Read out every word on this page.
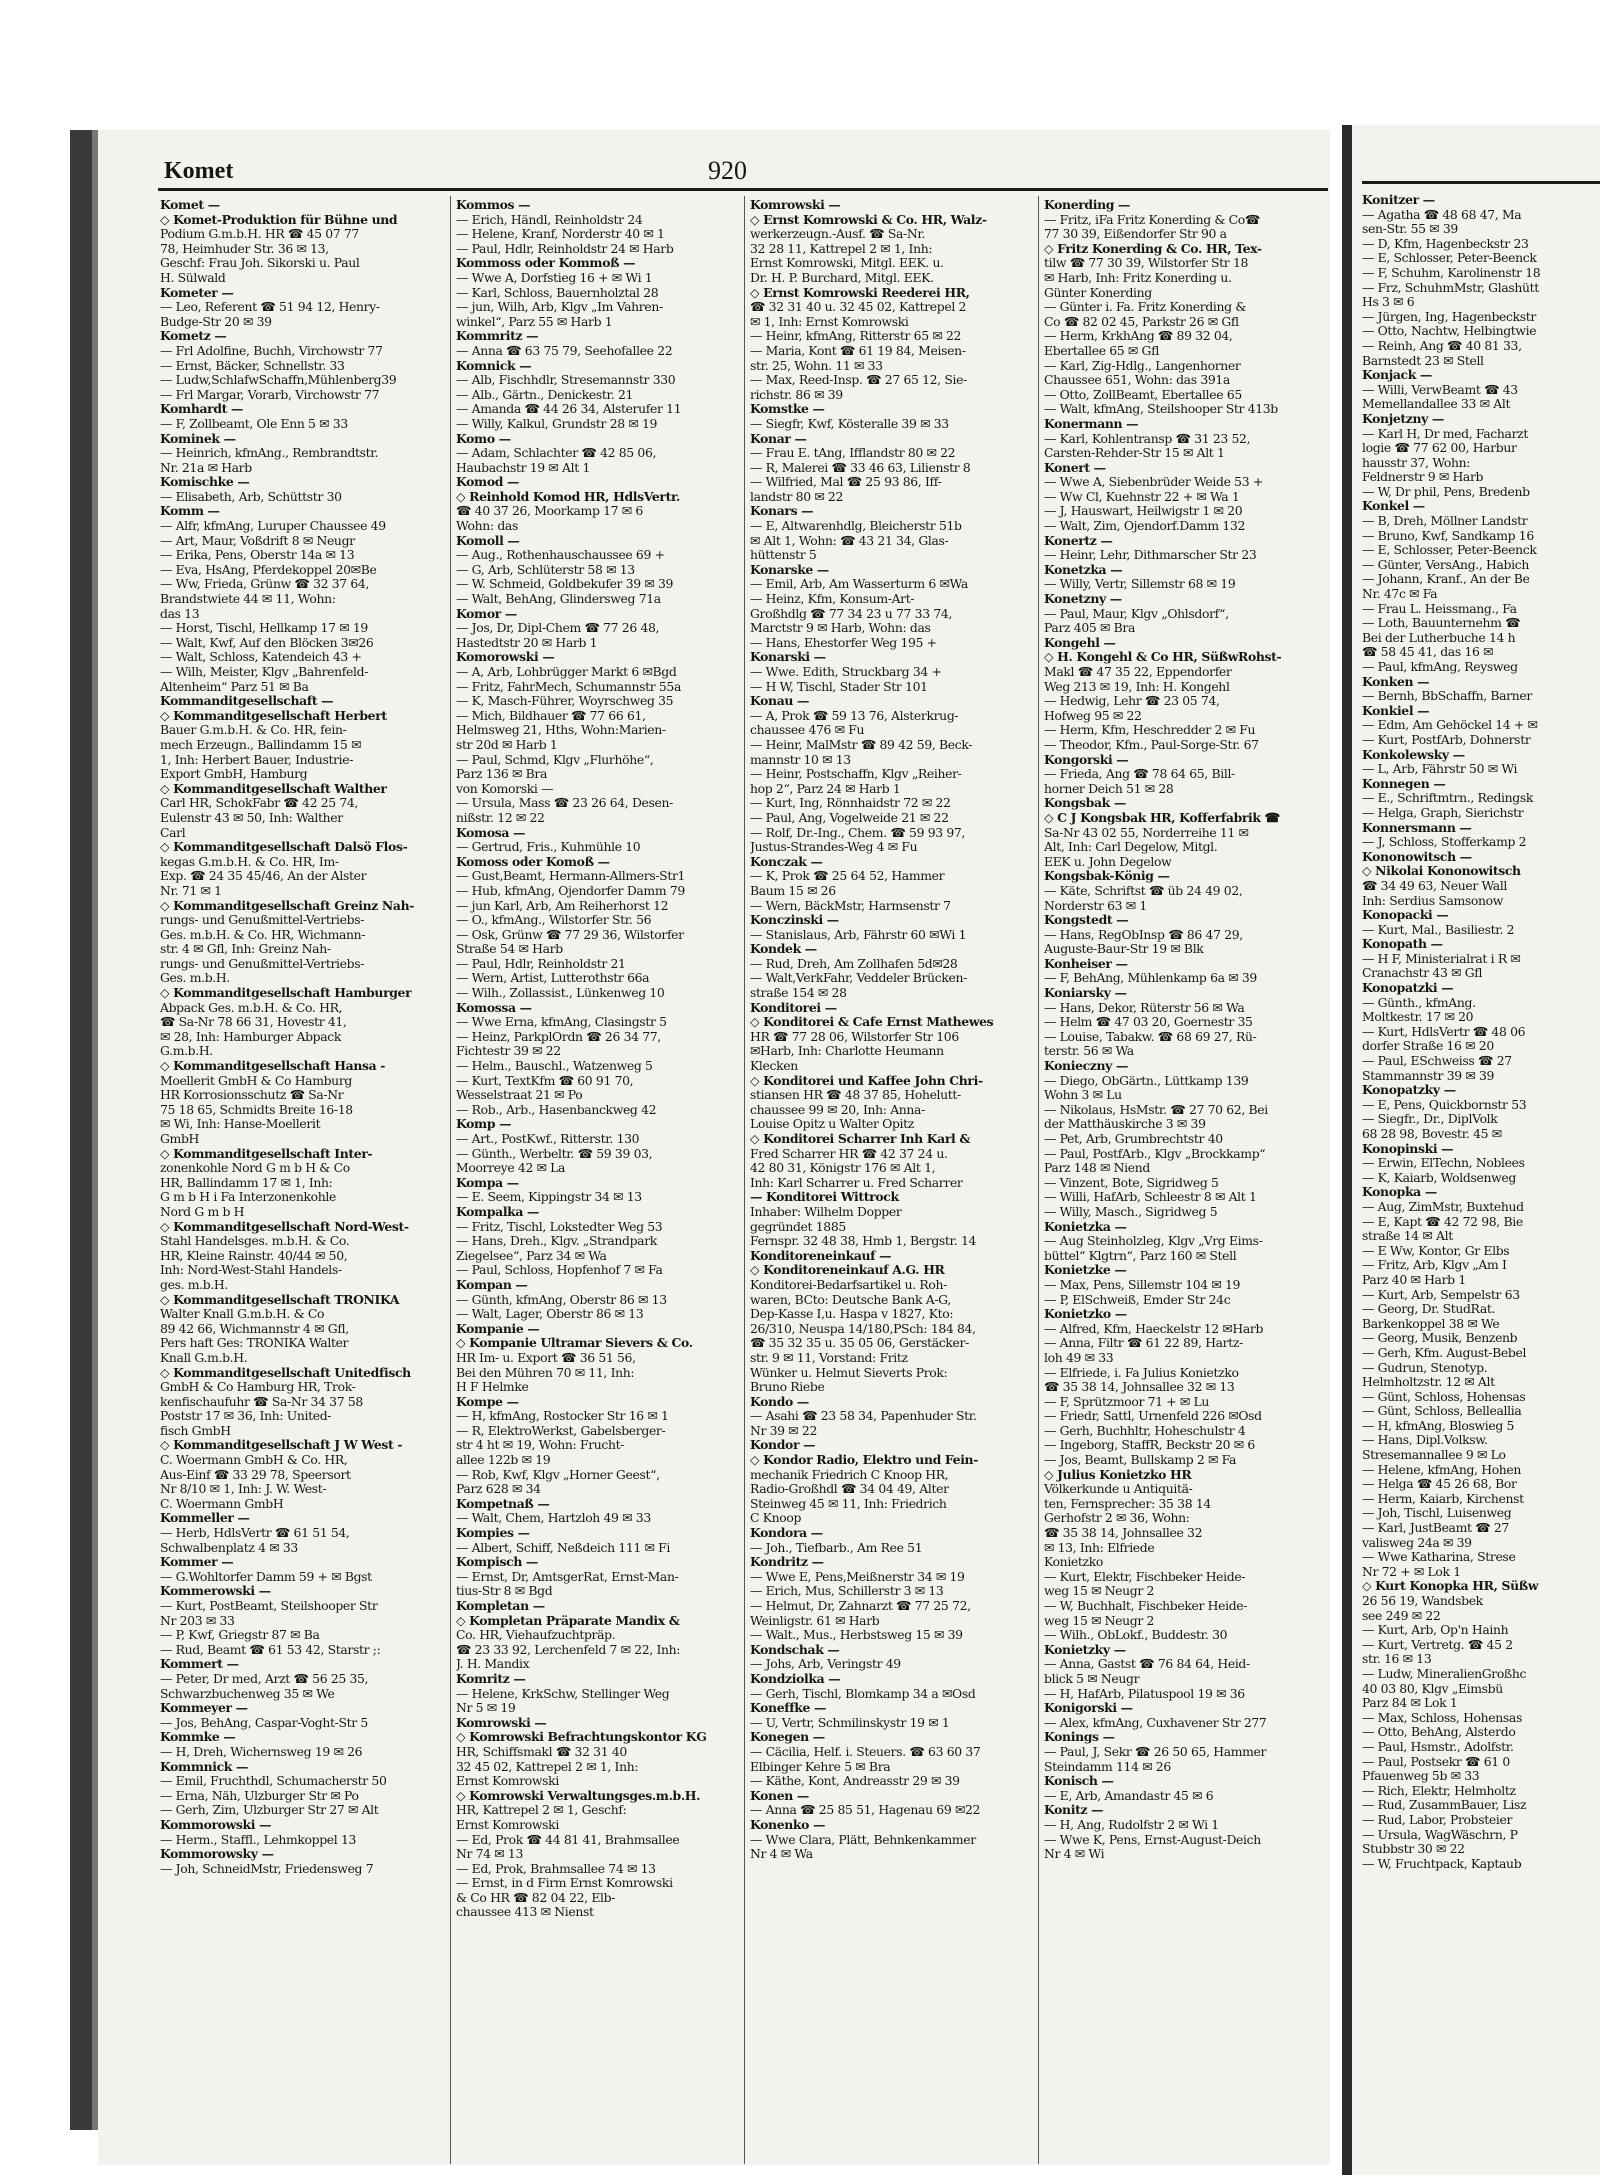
Komet	920
Komet —
◇ Komet-Produktion für Bühne und
Podium G.m.b.H. HR ☎ 45 07 77
78, Heimhuder Str. 36 ✉ 13,
Geschf: Frau Joh. Sikorski u. Paul
H. Sülwald
Kometer —
— Leo, Referent ☎ 51 94 12, Henry-
Budge-Str 20 ✉ 39
Kometz —
— Frl Adolfine, Buchh, Virchowstr 77
— Ernst, Bäcker, Schnellstr. 33
— Ludw,SchlafwSchaffn,Mühlenberg39
— Frl Margar, Vorarb, Virchowstr 77
Komhardt —
— F, Zollbeamt, Ole Enn 5 ✉ 33
Kominek —
— Heinrich, kfmAng., Rembrandtstr.
Nr. 21a ✉ Harb
Komischke —
— Elisabeth, Arb, Schüttstr 30
Komm —
— Alfr, kfmAng, Luruper Chaussee 49
— Art, Maur, Voßdrift 8 ✉ Neugr
— Erika, Pens, Oberstr 14a ✉ 13
— Eva, HsAng, Pferdekoppel 20✉Be
— Ww, Frieda, Grünw ☎ 32 37 64,
Brandstwiete 44 ✉ 11, Wohn:
das 13
— Horst, Tischl, Hellkamp 17 ✉ 19
— Walt, Kwf, Auf den Blöcken 3✉26
— Walt, Schloss, Katendeich 43 +
— Wilh, Meister, Klgv „Bahrenfeld-
Altenheim“ Parz 51 ✉ Ba
Kommanditgesellschaft —
◇ Kommanditgesellschaft Herbert
Bauer G.m.b.H. & Co. HR, fein-
mech Erzeugn., Ballindamm 15 ✉
1, Inh: Herbert Bauer, Industrie-
Export GmbH, Hamburg
◇ Kommanditgesellschaft Walther
Carl HR, SchokFabr ☎ 42 25 74,
Eulenstr 43 ✉ 50, Inh: Walther
Carl
◇ Kommanditgesellschaft Dalsö Flos-
kegas G.m.b.H. & Co. HR, Im-
Exp. ☎ 24 35 45/46, An der Alster
Nr. 71 ✉ 1
◇ Kommanditgesellschaft Greinz Nah-
rungs- und Genußmittel-Vertriebs-
Ges. m.b.H. & Co. HR, Wichmann-
str. 4 ✉ Gfl, Inh: Greinz Nah-
rungs- und Genußmittel-Vertriebs-
Ges. m.b.H.
◇ Kommanditgesellschaft Hamburger
Abpack Ges. m.b.H. & Co. HR,
☎ Sa-Nr 78 66 31, Hovestr 41,
✉ 28, Inh: Hamburger Abpack
G.m.b.H.
◇ Kommanditgesellschaft Hansa -
Moellerit GmbH & Co Hamburg
HR Korrosionsschutz ☎ Sa-Nr
75 18 65, Schmidts Breite 16-18
✉ Wi, Inh: Hanse-Moellerit
GmbH
◇ Kommanditgesellschaft Inter-
zonenkohle Nord G m b H & Co
HR, Ballindamm 17 ✉ 1, Inh:
G m b H i Fa Interzonenkohle
Nord G m b H
◇ Kommanditgesellschaft Nord-West-
Stahl Handelsges. m.b.H. & Co.
HR, Kleine Rainstr. 40/44 ✉ 50,
Inh: Nord-West-Stahl Handels-
ges. m.b.H.
◇ Kommanditgesellschaft TRONIKA
Walter Knall G.m.b.H. & Co
89 42 66, Wichmannstr 4 ✉ Gfl,
Pers haft Ges: TRONIKA Walter
Knall G.m.b.H.
◇ Kommanditgesellschaft Unitedfisch
GmbH & Co Hamburg HR, Trok-
kenfischaufuhr ☎ Sa-Nr 34 37 58
Poststr 17 ✉ 36, Inh: United-
fisch GmbH
◇ Kommanditgesellschaft J W West -
C. Woermann GmbH & Co. HR,
Aus-Einf ☎ 33 29 78, Speersort
Nr 8/10 ✉ 1, Inh: J. W. West-
C. Woermann GmbH
Kommeller —
— Herb, HdlsVertr ☎ 61 51 54,
Schwalbenplatz 4 ✉ 33
Kommer —
— G.Wohltorfer Damm 59 + ✉ Bgst
Kommerowski —
— Kurt, PostBeamt, Steilshooper Str
Nr 203 ✉ 33
— P, Kwf, Griegstr 87 ✉ Ba
— Rud, Beamt ☎ 61 53 42, Starstr ;:
Kommert —
— Peter, Dr med, Arzt ☎ 56 25 35,
Schwarzbuchenweg 35 ✉ We
Kommeyer —
— Jos, BehAng, Caspar-Voght-Str 5
Kommke —
— H, Dreh, Wichernsweg 19 ✉ 26
Kommnick —
— Emil, Fruchthdl, Schumacherstr 50
— Erna, Näh, Ulzburger Str ✉ Po
— Gerh, Zim, Ulzburger Str 27 ✉ Alt
Kommorowski —
— Herm., Staffl., Lehmkoppel 13
Kommorowsky —
— Joh, SchneidMstr, Friedensweg 7
Kommos —
— Erich, Händl, Reinholdstr 24
— Helene, Kranf, Norderstr 40 ✉ 1
— Paul, Hdlr, Reinholdstr 24 ✉ Harb
Kommoss oder Kommoß —
— Wwe A, Dorfstieg 16 + ✉ Wi 1
— Karl, Schloss, Bauernholztal 28
— jun, Wilh, Arb, Klgv „Im Vahren-
winkel“, Parz 55 ✉ Harb 1
Kommritz —
— Anna ☎ 63 75 79, Seehofallee 22
Komnick —
— Alb, Fischhdlr, Stresemannstr 330
— Alb., Gärtn., Denickestr. 21
— Amanda ☎ 44 26 34, Alsterufer 11
— Willy, Kalkul, Grundstr 28 ✉ 19
Komo —
— Adam, Schlachter ☎ 42 85 06,
Haubachstr 19 ✉ Alt 1
Komod —
◇ Reinhold Komod HR, HdlsVertr.
☎ 40 37 26, Moorkamp 17 ✉ 6
Wohn: das
Komoll —
— Aug., Rothenhauschaussee 69 +
— G, Arb, Schlüterstr 58 ✉ 13
— W. Schmeid, Goldbekufer 39 ✉ 39
— Walt, BehAng, Glindersweg 71a
Komor —
— Jos, Dr, Dipl-Chem ☎ 77 26 48,
Hastedtstr 20 ✉ Harb 1
Komorowski —
— A, Arb, Lohbrügger Markt 6 ✉Bgd
— Fritz, FahrMech, Schumannstr 55a
— K, Masch-Führer, Woyrschweg 35
— Mich, Bildhauer ☎ 77 66 61,
Helmsweg 21, Hths, Wohn:Marien-
str 20d ✉ Harb 1
— Paul, Schmd, Klgv „Flurhöhe“,
Parz 136 ✉ Bra
von Komorski —
— Ursula, Mass ☎ 23 26 64, Desen-
nißstr. 12 ✉ 22
Komosa —
— Gertrud, Fris., Kuhmühle 10
Komoss oder Komoß —
— Gust,Beamt, Hermann-Allmers-Str1
— Hub, kfmAng, Ojendorfer Damm 79
— jun Karl, Arb, Am Reiherhorst 12
— O., kfmAng., Wilstorfer Str. 56
— Osk, Grünw ☎ 77 29 36, Wilstorfer
Straße 54 ✉ Harb
— Paul, Hdlr, Reinholdstr 21
— Wern, Artist, Lutterothstr 66a
— Wilh., Zollassist., Lünkenweg 10
Komossa —
— Wwe Erna, kfmAng, Clasingstr 5
— Heinz, ParkplOrdn ☎ 26 34 77,
Fichtestr 39 ✉ 22
— Helm., Bauschl., Watzenweg 5
— Kurt, TextKfm ☎ 60 91 70,
Wesselstraat 21 ✉ Po
— Rob., Arb., Hasenbanckweg 42
Komp —
— Art., PostKwf., Ritterstr. 130
— Günth., Werbeltr. ☎ 59 39 03,
Moorreye 42 ✉ La
Kompa —
— E. Seem, Kippingstr 34 ✉ 13
Kompalka —
— Fritz, Tischl, Lokstedter Weg 53
— Hans, Dreh., Klgv. „Strandpark
Ziegelsee“, Parz 34 ✉ Wa
— Paul, Schloss, Hopfenhof 7 ✉ Fa
Kompan —
— Günth, kfmAng, Oberstr 86 ✉ 13
— Walt, Lager, Oberstr 86 ✉ 13
Kompanie —
◇ Kompanie Ultramar Sievers & Co.
HR Im- u. Export ☎ 36 51 56,
Bei den Mühren 70 ✉ 11, Inh:
H F Helmke
Kompe —
— H, kfmAng, Rostocker Str 16 ✉ 1
— R, ElektroWerkst, Gabelsberger-
str 4 ht ✉ 19, Wohn: Frucht-
allee 122b ✉ 19
— Rob, Kwf, Klgv „Horner Geest“,
Parz 628 ✉ 34
Kompetnaß —
— Walt, Chem, Hartzloh 49 ✉ 33
Kompies —
— Albert, Schiff, Neßdeich 111 ✉ Fi
Kompisch —
— Ernst, Dr, AmtsgerRat, Ernst-Man-
tius-Str 8 ✉ Bgd
Kompletan —
◇ Kompletan Präparate Mandix &
Co. HR, Viehaufzuchtpräp.
☎ 23 33 92, Lerchenfeld 7 ✉ 22, Inh:
J. H. Mandix
Komritz —
— Helene, KrkSchw, Stellinger Weg
Nr 5 ✉ 19
Komrowski —
◇ Komrowski Befrachtungskontor KG
HR, Schiffsmakl ☎ 32 31 40
32 45 02, Kattrepel 2 ✉ 1, Inh:
Ernst Komrowski
◇ Komrowski Verwaltungsges.m.b.H.
HR, Kattrepel 2 ✉ 1, Geschf:
Ernst Komrowski
— Ed, Prok ☎ 44 81 41, Brahmsallee
Nr 74 ✉ 13
— Ed, Prok, Brahmsallee 74 ✉ 13
— Ernst, in d Firm Ernst Komrowski
& Co HR ☎ 82 04 22, Elb-
chaussee 413 ✉ Nienst
Komrowski —
◇ Ernst Komrowski & Co. HR, Walz-
werkerzeugn.-Ausf. ☎ Sa-Nr.
32 28 11, Kattrepel 2 ✉ 1, Inh:
Ernst Komrowski, Mitgl. EEK. u.
Dr. H. P. Burchard, Mitgl. EEK.
◇ Ernst Komrowski Reederei HR,
☎ 32 31 40 u. 32 45 02, Kattrepel 2
✉ 1, Inh: Ernst Komrowski
— Heinr, kfmAng, Ritterstr 65 ✉ 22
— Maria, Kont ☎ 61 19 84, Meisen-
str. 25, Wohn. 11 ✉ 33
— Max, Reed-Insp. ☎ 27 65 12, Sie-
richstr. 86 ✉ 39
Komstke —
— Siegfr, Kwf, Kösteralle 39 ✉ 33
Konar —
— Frau E. tAng, Ifflandstr 80 ✉ 22
— R, Malerei ☎ 33 46 63, Lilienstr 8
— Wilfried, Mal ☎ 25 93 86, Iff-
landstr 80 ✉ 22
Konars —
— E, Altwarenhdlg, Bleicherstr 51b
✉ Alt 1, Wohn: ☎ 43 21 34, Glas-
hüttenstr 5
Konarske —
— Emil, Arb, Am Wasserturm 6 ✉Wa
— Heinz, Kfm, Konsum-Art-
Großhdlg ☎ 77 34 23 u 77 33 74,
Marctstr 9 ✉ Harb, Wohn: das
— Hans, Ehestorfer Weg 195 +
Konarski —
— Wwe. Edith, Struckbarg 34 +
— H W, Tischl, Stader Str 101
Konau —
— A, Prok ☎ 59 13 76, Alsterkrug-
chaussee 476 ✉ Fu
— Heinr, MalMstr ☎ 89 42 59, Beck-
mannstr 10 ✉ 13
— Heinr, Postschaffn, Klgv „Reiher-
hop 2“, Parz 24 ✉ Harb 1
— Kurt, Ing, Rönnhaidstr 72 ✉ 22
— Paul, Ang, Vogelweide 21 ✉ 22
— Rolf, Dr.-Ing., Chem. ☎ 59 93 97,
Justus-Strandes-Weg 4 ✉ Fu
Konczak —
— K, Prok ☎ 25 64 52, Hammer
Baum 15 ✉ 26
— Wern, BäckMstr, Harmsenstr 7
Konczinski —
— Stanislaus, Arb, Fährstr 60 ✉Wi 1
Kondek —
— Rud, Dreh, Am Zollhafen 5d✉28
— Walt,VerkFahr, Veddeler Brücken-
straße 154 ✉ 28
Konditorei —
◇ Konditorei & Cafe Ernst Mathewes
HR ☎ 77 28 06, Wilstorfer Str 106
✉Harb, Inh: Charlotte Heumann
Klecken
◇ Konditorei und Kaffee John Chri-
stiansen HR ☎ 48 37 85, Hohelutt-
chaussee 99 ✉ 20, Inh: Anna-
Louise Opitz u Walter Opitz
◇ Konditorei Scharrer Inh Karl &
Fred Scharrer HR ☎ 42 37 24 u.
42 80 31, Königstr 176 ✉ Alt 1,
Inh: Karl Scharrer u. Fred Scharrer
— Konditorei Wittrock
Inhaber: Wilhelm Dopper
gegründet 1885
Fernspr. 32 48 38, Hmb 1, Bergstr. 14
Konditoreneinkauf —
◇ Konditoreneinkauf A.G. HR
Konditorei-Bedarfsartikel u. Roh-
waren, BCto: Deutsche Bank A-G,
Dep-Kasse I,u. Haspa v 1827, Kto:
26/310, Neuspa 14/180,PSch: 184 84,
☎ 35 32 35 u. 35 05 06, Gerstäcker-
str. 9 ✉ 11, Vorstand: Fritz
Wünker u. Helmut Sieverts Prok:
Bruno Riebe
Kondo —
— Asahi ☎ 23 58 34, Papenhuder Str.
Nr 39 ✉ 22
Kondor —
◇ Kondor Radio, Elektro und Fein-
mechanik Friedrich C Knoop HR,
Radio-Großhdl ☎ 34 04 49, Alter
Steinweg 45 ✉ 11, Inh: Friedrich
C Knoop
Kondora —
— Joh., Tiefbarb., Am Ree 51
Kondritz —
— Wwe E, Pens,Meißnerstr 34 ✉ 19
— Erich, Mus, Schillerstr 3 ✉ 13
— Helmut, Dr, Zahnarzt ☎ 77 25 72,
Weinligstr. 61 ✉ Harb
— Walt., Mus., Herbstsweg 15 ✉ 39
Kondschak —
— Johs, Arb, Veringstr 49
Kondziolka —
— Gerh, Tischl, Blomkamp 34 a ✉Osd
Koneffke —
— U, Vertr, Schmilinskystr 19 ✉ 1
Konegen —
— Cäcilia, Helf. i. Steuers. ☎ 63 60 37
Elbinger Kehre 5 ✉ Bra
— Käthe, Kont, Andreasstr 29 ✉ 39
Konen —
— Anna ☎ 25 85 51, Hagenau 69 ✉22
Konenko —
— Wwe Clara, Plätt, Behnkenkammer
Nr 4 ✉ Wa
Konerding —
— Fritz, iFa Fritz Konerding & Co☎
77 30 39, Eißendorfer Str 90 a
◇ Fritz Konerding & Co. HR, Tex-
tilw ☎ 77 30 39, Wilstorfer Str 18
✉ Harb, Inh: Fritz Konerding u.
Günter Konerding
— Günter i. Fa. Fritz Konerding &
Co ☎ 82 02 45, Parkstr 26 ✉ Gfl
— Herm, KrkhAng ☎ 89 32 04,
Ebertallee 65 ✉ Gfl
— Karl, Zig-Hdlg., Langenhorner
Chaussee 651, Wohn: das 391a
— Otto, ZollBeamt, Ebertallee 65
— Walt, kfmAng, Steilshooper Str 413b
Konermann —
— Karl, Kohlentransp ☎ 31 23 52,
Carsten-Rehder-Str 15 ✉ Alt 1
Konert —
— Wwe A, Siebenbrüder Weide 53 +
— Ww Cl, Kuehnstr 22 + ✉ Wa 1
— J, Hauswart, Heilwigstr 1 ✉ 20
— Walt, Zim, Ojendorf.Damm 132
Konertz —
— Heinr, Lehr, Dithmarscher Str 23
Konetzka —
— Willy, Vertr, Sillemstr 68 ✉ 19
Konetzny —
— Paul, Maur, Klgv „Ohlsdorf“,
Parz 405 ✉ Bra
Kongehl —
◇ H. Kongehl & Co HR, SüßwRohst-
Makl ☎ 47 35 22, Eppendorfer
Weg 213 ✉ 19, Inh: H. Kongehl
— Hedwig, Lehr ☎ 23 05 74,
Hofweg 95 ✉ 22
— Herm, Kfm, Heschredder 2 ✉ Fu
— Theodor, Kfm., Paul-Sorge-Str. 67
Kongorski —
— Frieda, Ang ☎ 78 64 65, Bill-
horner Deich 51 ✉ 28
Kongsbak —
◇ C J Kongsbak HR, Kofferfabrik ☎
Sa-Nr 43 02 55, Norderreihe 11 ✉
Alt, Inh: Carl Degelow, Mitgl.
EEK u. John Degelow
Kongsbak-König —
— Käte, Schriftst ☎ üb 24 49 02,
Norderstr 63 ✉ 1
Kongstedt —
— Hans, RegObInsp ☎ 86 47 29,
Auguste-Baur-Str 19 ✉ Blk
Konheiser —
— F, BehAng, Mühlenkamp 6a ✉ 39
Koniarsky —
— Hans, Dekor, Rüterstr 56 ✉ Wa
— Helm ☎ 47 03 20, Goernestr 35
— Louise, Tabakw. ☎ 68 69 27, Rü-
terstr. 56 ✉ Wa
Konieczny —
— Diego, ObGärtn., Lüttkamp 139
Wohn 3 ✉ Lu
— Nikolaus, HsMstr. ☎ 27 70 62, Bei
der Matthäuskirche 3 ✉ 39
— Pet, Arb, Grumbrechtstr 40
— Paul, PostfArb., Klgv „Brockkamp“
Parz 148 ✉ Niend
— Vinzent, Bote, Sigridweg 5
— Willi, HafArb, Schleestr 8 ✉ Alt 1
— Willy, Masch., Sigridweg 5
Konietzka —
— Aug Steinholzleg, Klgv „Vrg Eims-
büttel“ Klgtrn“, Parz 160 ✉ Stell
Konietzke —
— Max, Pens, Sillemstr 104 ✉ 19
— P, ElSchweiß, Emder Str 24c
Konietzko —
— Alfred, Kfm, Haeckelstr 12 ✉Harb
— Anna, Filtr ☎ 61 22 89, Hartz-
loh 49 ✉ 33
— Elfriede, i. Fa Julius Konietzko
☎ 35 38 14, Johnsallee 32 ✉ 13
— F, Sprützmoor 71 + ✉ Lu
— Friedr, Sattl, Urnenfeld 226 ✉Osd
— Gerh, Buchhltr, Hoheschulstr 4
— Ingeborg, StaffR, Beckstr 20 ✉ 6
— Jos, Beamt, Bullskamp 2 ✉ Fa
◇ Julius Konietzko HR
Völkerkunde u Antiquitä-
ten, Fernsprecher: 35 38 14
Gerhofstr 2 ✉ 36, Wohn:
☎ 35 38 14, Johnsallee 32
✉ 13, Inh: Elfriede
Konietzko
— Kurt, Elektr, Fischbeker Heide-
weg 15 ✉ Neugr 2
— W, Buchhalt, Fischbeker Heide-
weg 15 ✉ Neugr 2
— Wilh., ObLokf., Buddestr. 30
Konietzky —
— Anna, Gastst ☎ 76 84 64, Heid-
blick 5 ✉ Neugr
— H, HafArb, Pilatuspool 19 ✉ 36
Konigorski —
— Alex, kfmAng, Cuxhavener Str 277
Konings —
— Paul, J, Sekr ☎ 26 50 65, Hammer
Steindamm 114 ✉ 26
Konisch —
— E, Arb, Amandastr 45 ✉ 6
Konitz —
— H, Ang, Rudolfstr 2 ✉ Wi 1
— Wwe K, Pens, Ernst-August-Deich
Nr 4 ✉ Wi
Konitzer —
— Agatha ☎ 48 68 47, Ma
sen-Str. 55 ✉ 39
— D, Kfm, Hagenbeckstr 23
— E, Schlosser, Peter-Beenck
— F, Schuhm, Karolinenstr 18
— Frz, SchuhmMstr, Glashütt
Hs 3 ✉ 6
— Jürgen, Ing, Hagenbeckstr
— Otto, Nachtw, Helbingtwie
— Reinh, Ang ☎ 40 81 33,
Barnstedt 23 ✉ Stell
Konjack —
— Willi, VerwBeamt ☎ 43
Memellandallee 33 ✉ Alt
Konjetzny —
— Karl H, Dr med, Facharzt
logie ☎ 77 62 00, Harbur
hausstr 37, Wohn:
Feldnerstr 9 ✉ Harb
— W, Dr phil, Pens, Bredenb
Konkel —
— B, Dreh, Möllner Landstr
— Bruno, Kwf, Sandkamp 16
— E, Schlosser, Peter-Beenck
— Günter, VersAng., Habich
— Johann, Kranf., An der Be
Nr. 47c ✉ Fa
— Frau L. Heissmang., Fa
— Loth, Bauunternehm ☎
Bei der Lutherbuche 14 h
☎ 58 45 41, das 16 ✉
— Paul, kfmAng, Reysweg
Konken —
— Bernh, BbSchaffn, Barner
Konkiel —
— Edm, Am Gehöckel 14 + ✉
— Kurt, PostfArb, Dohnerstr
Konkolewsky —
— L, Arb, Fährstr 50 ✉ Wi
Konnegen —
— E., Schriftmtrn., Redingsk
— Helga, Graph, Sierichstr
Konnersmann —
— J, Schloss, Stofferkamp 2
Kononowitsch —
◇ Nikolai Kononowitsch
☎ 34 49 63, Neuer Wall
Inh: Serdius Samsonow
Konopacki —
— Kurt, Mal., Basiliestr. 2
Konopath —
— H F, Ministerialrat i R ✉
Cranachstr 43 ✉ Gfl
Konopatzki —
— Günth., kfmAng.
Moltkestr. 17 ✉ 20
— Kurt, HdlsVertr ☎ 48 06
dorfer Straße 16 ✉ 20
— Paul, ESchweiss ☎ 27
Stammannstr 39 ✉ 39
Konopatzky —
— E, Pens, Quickbornstr 53
— Siegfr., Dr., DiplVolk
68 28 98, Bovestr. 45 ✉
Konopinski —
— Erwin, ElTechn, Noblees
— K, Kaiarb, Woldsenweg
Konopka —
— Aug, ZimMstr, Buxtehud
— E, Kapt ☎ 42 72 98, Bie
straße 14 ✉ Alt
— E Ww, Kontor, Gr Elbs
— Fritz, Arb, Klgv „Am I
Parz 40 ✉ Harb 1
— Kurt, Arb, Sempelstr 63
— Georg, Dr. StudRat.
Barkenkoppel 38 ✉ We
— Georg, Musik, Benzenb
— Gerh, Kfm. August-Bebel
— Gudrun, Stenotyp.
Helmholtzstr. 12 ✉ Alt
— Günt, Schloss, Hohensas
— Günt, Schloss, Belleallia
— H, kfmAng, Bloswieg 5
— Hans, Dipl.Volksw.
Stresemannallee 9 ✉ Lo
— Helene, kfmAng, Hohen
— Helga ☎ 45 26 68, Bor
— Herm, Kaiarb, Kirchenst
— Joh, Tischl, Luisenweg
— Karl, JustBeamt ☎ 27
valisweg 24a ✉ 39
— Wwe Katharina, Strese
Nr 72 + ✉ Lok 1
◇ Kurt Konopka HR, Süßw
26 56 19, Wandsbek
see 249 ✉ 22
— Kurt, Arb, Op'n Hainh
— Kurt, Vertretg. ☎ 45 2
str. 16 ✉ 13
— Ludw, MineralienGroßhc
40 03 80, Klgv „Eimsbü
Parz 84 ✉ Lok 1
— Max, Schloss, Hohensas
— Otto, BehAng, Alsterdo
— Paul, Hsmstr., Adolfstr.
— Paul, Postsekr ☎ 61 0
Pfauenweg 5b ✉ 33
— Rich, Elektr, Helmholtz
— Rud, ZusammBauer, Lisz
— Rud, Labor, Probsteier
— Ursula, WagWäschrn, P
Stubbstr 30 ✉ 22
— W, Fruchtpack, Kaptaub
